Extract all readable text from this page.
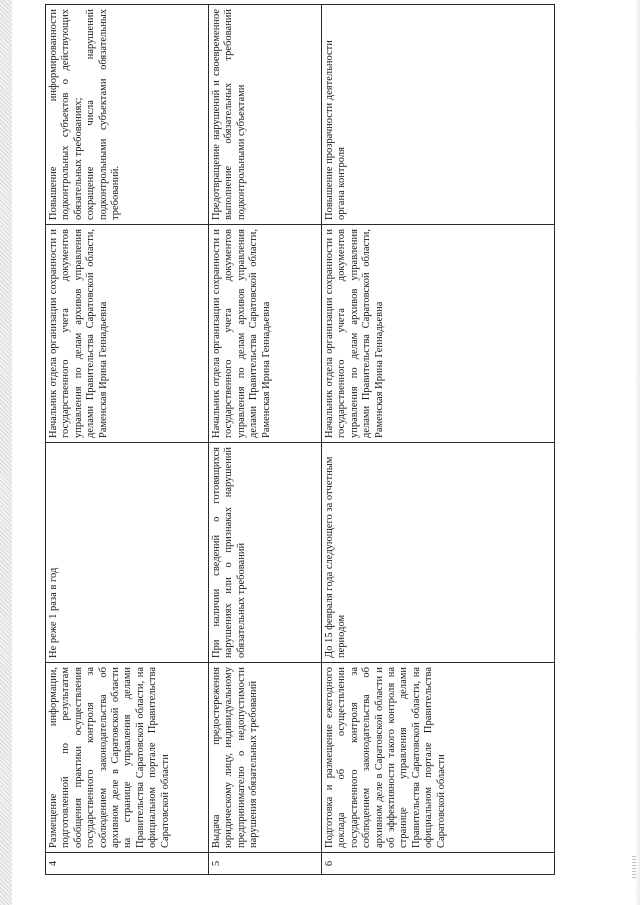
4	Размещение информации, подготовленной по результатам обобщения практики осуществления государственного контроля за соблюдением законодательства об архивном деле в Саратовской области на странице управления делами Правительства Саратовской области, на официальном портале Правительства Саратовской области	Не реже 1 раза в год	Начальник отдела организации сохранности и государственного учета документов управления по делам архивов управления делами Правительства Саратовской области, Раменская Ирина Геннадьевна	Повышение информированности подконтрольных субъектов о действующих обязательных требованиях; сокращение числа нарушений подконтрольными субъектами обязательных требований.

5	Выдача предостережения юридическому лицу, индивидуальному предпринимателю о недопустимости нарушения обязательных требований	При наличии сведений о готовящихся нарушениях или о признаках нарушений обязательных требований	Начальник отдела организации сохранности и государственного учета документов управления по делам архивов управления делами Правительства Саратовской области, Раменская Ирина Геннадьевна	Предотвращение нарушений и своевременное выполнение обязательных требований подконтрольными субъектами

6	Подготовка и размещение ежегодного доклада об осуществлении государственного контроля за соблюдением законодательства об архивном деле в Саратовской области и об эффективности такого контроля на странице управления делами Правительства Саратовской области, на официальном портале Правительства Саратовской области	До 15 февраля года следующего за отчетным периодом	Начальник отдела организации сохранности и государственного учета документов управления по делам архивов управления делами Правительства Саратовской области, Раменская Ирина Геннадьевна	Повышение прозрачности деятельности органа контроля
